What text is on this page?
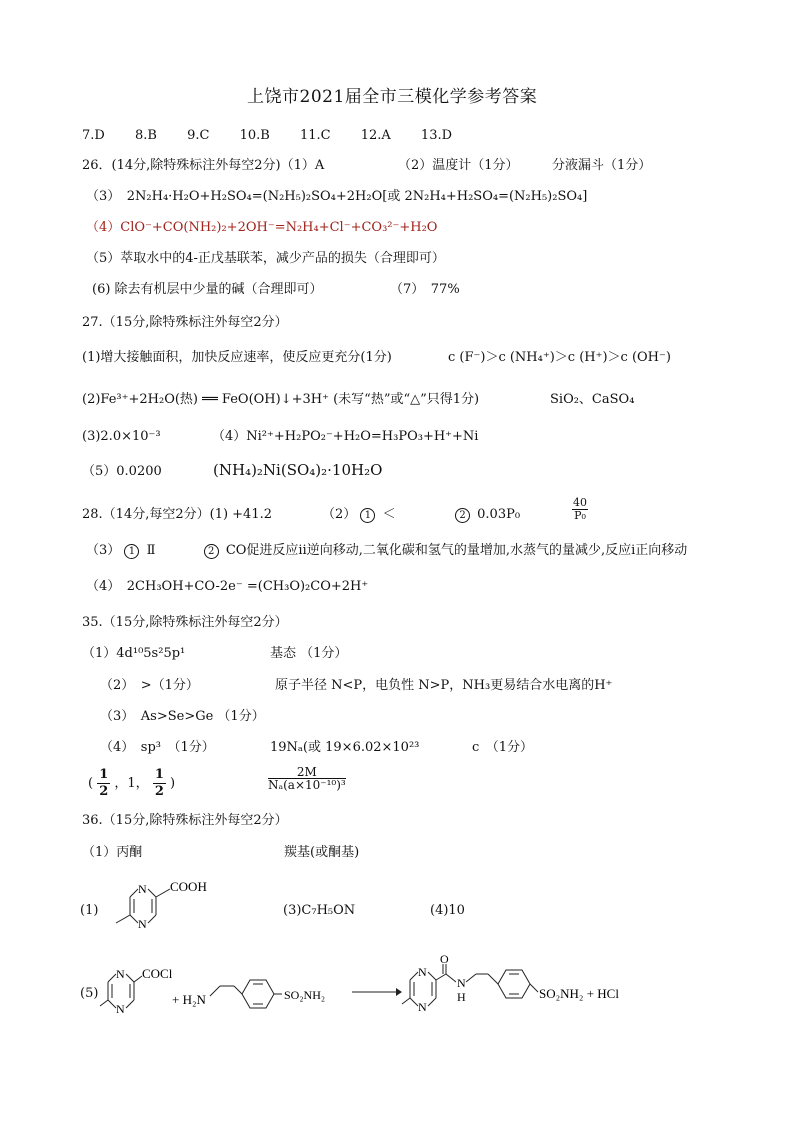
上饶市2021届全市三模化学参考答案
7.D 8.B 9.C 10.B 11.C 12.A 13.D
26．(14分,除特殊标注外每空2分)（1）A	（2）温度计（1分）	分液漏斗（1分）
（3）　2N₂H₄·H₂O+H₂SO₄=(N₂H₅)₂SO₄+2H₂O[或 2N₂H₄+H₂SO₄=(N₂H₅)₂SO₄]
（4）ClO⁻+CO(NH₂)₂+2OH⁻=N₂H₄+Cl⁻+CO₃²⁻+H₂O
（5）萃取水中的4-正戊基联苯，减少产品的损失（合理即可）
(6) 除去有机层中少量的碱（合理即可）	（7）　77%
27.（15分,除特殊标注外每空2分）
(1)增大接触面积，加快反应速率，使反应更充分(1分)	c (F⁻)＞c (NH₄⁺)＞c (H⁺)＞c (OH⁻)
(2)Fe³⁺+2H₂O(热) ══ FeO(OH)↓+3H⁺ (未写“热”或“△”只得1分)	SiO₂、CaSO₄
(3)2.0×10⁻³	（4）Ni²⁺+H₂PO₂⁻+H₂O=H₃PO₃+H⁺+Ni
（5）0.0200	(NH₄)₂Ni(SO₄)₂·10H₂O
28.（14分,每空2分）(1) +41.2	（2） 1 ＜	2 0.03P₀	$\frac{40}{\text{P₀}}$
（3） 1 Ⅱ	2 CO促进反应ⅱ逆向移动,二氧化碳和氢气的量增加,水蒸气的量减少,反应ⅰ正向移动
（4）　2CH₃OH+CO-2e⁻ =(CH₃O)₂CO+2H⁺
35.（15分,除特殊标注外每空2分）
（1）4d¹⁰5s²5p¹	基态 （1分）
（2）　>（1分）	原子半径 N<P，电负性 N>P，NH₃更易结合水电离的H⁺
（3）　As>Se>Ge （1分）
（4）　sp³　（1分）	19Nₐ(或 19×6.02×10²³	c　（1分）
( $\frac{1}{2}$ ，1， $\frac{1}{2}$ )	$\frac{2M}{\text{Nₐ(a×10⁻¹⁰)³}}$
36.（15分,除特殊标注外每空2分）
（1）丙酮	羰基(或酮基)
(1)	(3)C₇H₅ON	(4)10
(5)
N
N
COOH
N
N
COCl
+ H₂N	SO₂NH₂
N
N
O
N
H	SO₂NH₂ + HCl
